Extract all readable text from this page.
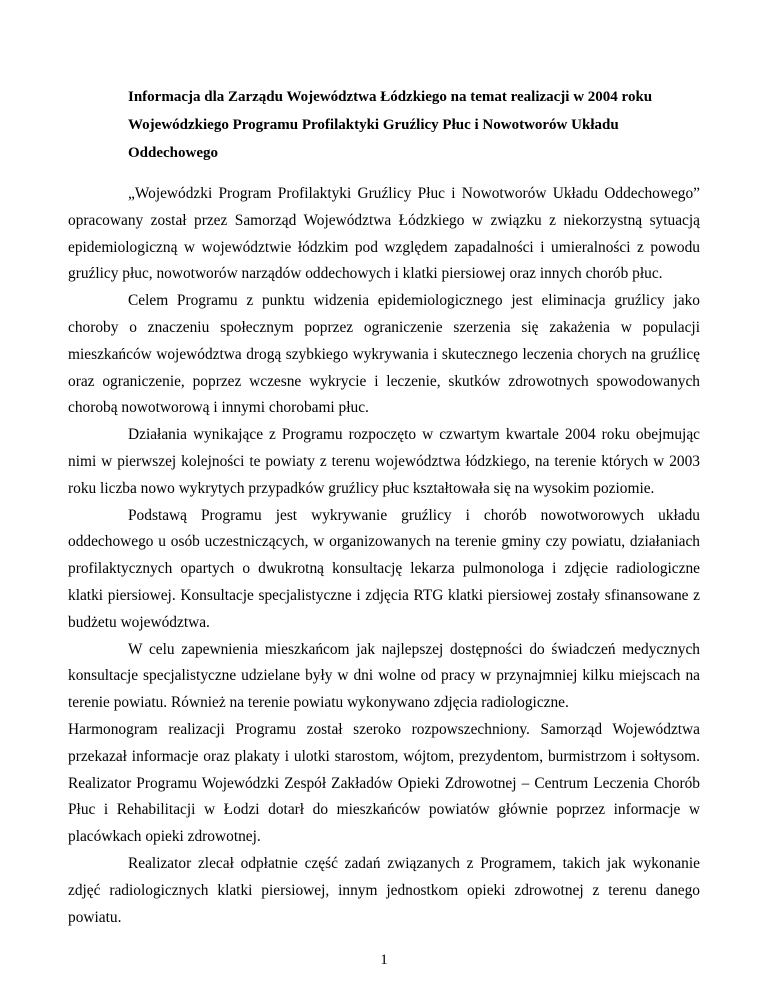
Informacja dla Zarządu Województwa Łódzkiego na temat realizacji w 2004 roku Wojewódzkiego Programu Profilaktyki Gruźlicy Płuc i Nowotworów Układu Oddechowego

„Wojewódzki Program Profilaktyki Gruźlicy Płuc i Nowotworów Układu Oddechowego” opracowany został przez Samorząd Województwa Łódzkiego w związku z niekorzystną sytuacją epidemiologiczną w województwie łódzkim pod względem zapadalności i umieralności z powodu gruźlicy płuc, nowotworów narządów oddechowych i klatki piersiowej oraz innych chorób płuc.

Celem Programu z punktu widzenia epidemiologicznego jest eliminacja gruźlicy jako choroby o znaczeniu społecznym poprzez ograniczenie szerzenia się zakażenia w populacji mieszkańców województwa drogą szybkiego wykrywania i skutecznego leczenia chorych na gruźlicę oraz ograniczenie, poprzez wczesne wykrycie i leczenie, skutków zdrowotnych spowodowanych chorobą nowotworową i innymi chorobami płuc.

Działania wynikające z Programu rozpoczęto w czwartym kwartale 2004 roku obejmując nimi w pierwszej kolejności te powiaty z terenu województwa łódzkiego, na terenie których w 2003 roku liczba nowo wykrytych przypadków gruźlicy płuc kształtowała się na wysokim poziomie.

Podstawą Programu jest wykrywanie gruźlicy i chorób nowotworowych układu oddechowego u osób uczestniczących, w organizowanych na terenie gminy czy powiatu, działaniach profilaktycznych opartych o dwukrotną konsultację lekarza pulmonologa i zdjęcie radiologiczne klatki piersiowej. Konsultacje specjalistyczne i zdjęcia RTG klatki piersiowej zostały sfinansowane z budżetu województwa.

W celu zapewnienia mieszkańcom jak najlepszej dostępności do świadczeń medycznych konsultacje specjalistyczne udzielane były w dni wolne od pracy w przynajmniej kilku miejscach na terenie powiatu. Również na terenie powiatu wykonywano zdjęcia radiologiczne.

Harmonogram realizacji Programu został szeroko rozpowszechniony. Samorząd Województwa przekazał informacje oraz plakaty i ulotki starostom, wójtom, prezydentom, burmistrzom i sołtysom. Realizator Programu Wojewódzki Zespół Zakładów Opieki Zdrowotnej – Centrum Leczenia Chorób Płuc i Rehabilitacji w Łodzi dotarł do mieszkańców powiatów głównie poprzez informacje w placówkach opieki zdrowotnej.

Realizator zlecał odpłatnie część zadań związanych z Programem, takich jak wykonanie zdjęć radiologicznych klatki piersiowej, innym jednostkom opieki zdrowotnej z terenu danego powiatu.

1
